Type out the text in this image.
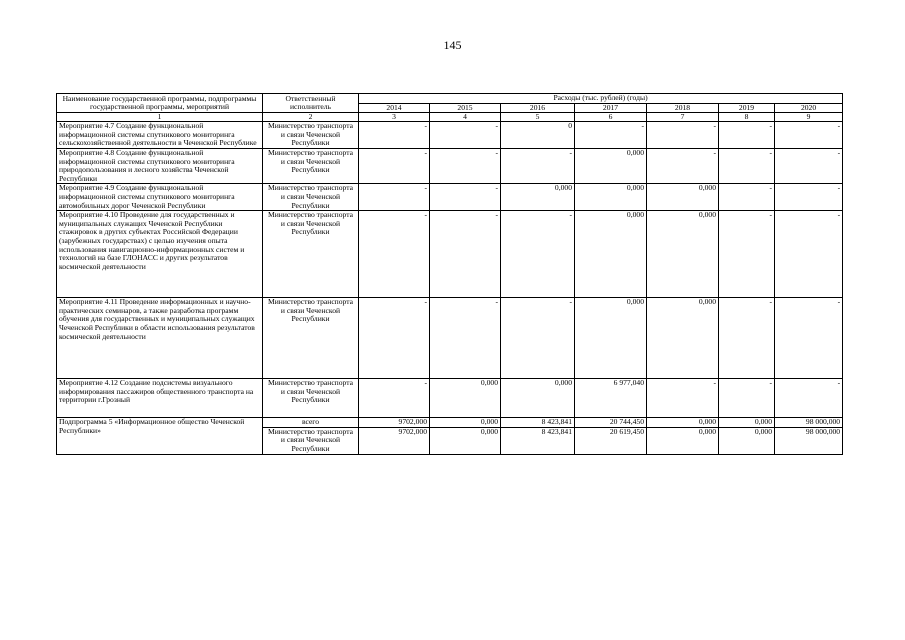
145
Наименование государственной программы, подпрограммы государственной программы, мероприятий	Ответственный исполнитель	Расходы (тыс. рублей) (годы)						
		2014	2015	2016	2017	2018	2019	2020
1	2	3	4	5	6	7	8	9
Мероприятие 4.7 Создание функциональной информационной системы спутникового мониторинга сельскохозяйственной деятельности в Чеченской Республике	Министерство транспорта и связи Чеченской Республики	-	-	0	-	-	-	-
Мероприятие 4.8 Создание функциональной информационной системы спутникового мониторинга природопользования и лесного хозяйства Чеченской Республики	Министерство транспорта и связи Чеченской Республики	-	-	-	0,000	-	-	-
Мероприятие 4.9 Создание функциональной информационной системы спутникового мониторинга автомобильных дорог Чеченской Республики	Министерство транспорта и связи Чеченской Республики	-	-	0,000	0,000	0,000	-	-
Мероприятие 4.10 Проведение для государственных и муниципальных служащих Чеченской Республики стажировок в других субъектах Российской Федерации (зарубежных государствах) с целью изучения опыта использования навигационно-информационных систем и технологий на базе ГЛОНАСС и других результатов космической деятельности	Министерство транспорта и связи Чеченской Республики	-	-	-	0,000	0,000	-	-
Мероприятие 4.11 Проведение информационных и научно-практических семинаров, а также разработка программ обучения для государственных и муниципальных служащих Чеченской Республики в области использования результатов космической деятельности	Министерство транспорта и связи Чеченской Республики	-	-	-	0,000	0,000	-	-
Мероприятие 4.12 Создание подсистемы визуального информирования пассажиров общественного транспорта на территории г.Грозный	Министерство транспорта и связи Чеченской Республики	-	0,000	0,000	6 977,040	-	-	-
Подпрограмма 5 «Информационное общество Чеченской Республики»	всего	9702,000	0,000	8 423,841	20 744,450	0,000	0,000	98 000,000
	Министерство транспорта и связи Чеченской Республики	9702,000	0,000	8 423,841	20 619,450	0,000	0,000	98 000,000
